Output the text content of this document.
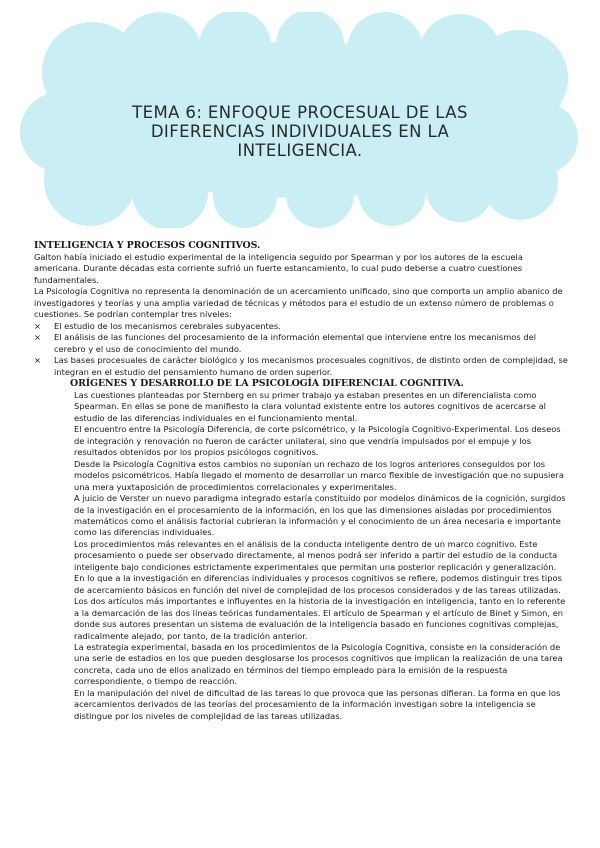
TEMA 6: ENFOQUE PROCESUAL DE LAS
DIFERENCIAS INDIVIDUALES EN LA
INTELIGENCIA.
INTELIGENCIA Y PROCESOS COGNITIVOS.

Galton había iniciado el estudio experimental de la inteligencia seguido por Spearman y por los autores de la escuela americana. Durante décadas esta corriente sufrió un fuerte estancamiento, lo cual pudo deberse a cuatro cuestiones fundamentales.

La Psicología Cognitiva no representa la denominación de un acercamiento unificado, sino que comporta un amplio abanico de investigadores y teorías y una amplia variedad de técnicas y métodos para el estudio de un extenso número de problemas o cuestiones. Se podrían contemplar tres niveles:

× El estudio de los mecanismos cerebrales subyacentes.
× El análisis de las funciones del procesamiento de la información elemental que interviene entre los mecanismos del cerebro y el uso de conocimiento del mundo.
× Las bases procesuales de carácter biológico y los mecanismos procesuales cognitivos, de distinto orden de complejidad, se integran en el estudio del pensamiento humano de orden superior.
ORÍGENES Y DESARROLLO DE LA PSICOLOGÍA DIFERENCIAL COGNITIVA.

Las cuestiones planteadas por Sternberg en su primer trabajo ya estaban presentes en un diferencialista como Spearman. En ellas se pone de manifiesto la clara voluntad existente entre los autores cognitivos de acercarse al estudio de las diferencias individuales en el funcionamiento mental.

El encuentro entre la Psicología Diferencia, de corte psicométrico, y la Psicología Cognitivo-Experimental. Los deseos de integración y renovación no fueron de carácter unilateral, sino que vendría impulsados por el empuje y los resultados obtenidos por los propios psicólogos cognitivos.

Desde la Psicología Cognitiva estos cambios no suponían un rechazo de los logros anteriores conseguidos por los modelos psicométricos. Había llegado el momento de desarrollar un marco flexible de investigación que no supusiera una mera yuxtaposición de procedimientos correlacionales y experimentales.

A juicio de Verster un nuevo paradigma integrado estaría constituido por modelos dinámicos de la cognición, surgidos de la investigación en el procesamiento de la información, en los que las dimensiones aisladas por procedimientos matemáticos como el análisis factorial cubrieran la información y el conocimiento de un área necesaria e importante como las diferencias individuales.

Los procedimientos más relevantes en el análisis de la conducta inteligente dentro de un marco cognitivo. Este procesamiento o puede ser observado directamente, al menos podrá ser inferido a partir del estudio de la conducta inteligente bajo condiciones estrictamente experimentales que permitan una posterior replicación y generalización.

En lo que a la investigación en diferencias individuales y procesos cognitivos se refiere, podemos distinguir tres tipos de acercamiento básicos en función del nivel de complejidad de los procesos considerados y de las tareas utilizadas.

Los dos artículos más importantes e influyentes en la historia de la investigación en inteligencia, tanto en lo referente a la demarcación de las dos líneas teóricas fundamentales. El artículo de Spearman y el artículo de Binet y Simon, en donde sus autores presentan un sistema de evaluación de la inteligencia basado en funciones cognitivas complejas, radicalmente alejado, por tanto, de la tradición anterior.

La estrategia experimental, basada en los procedimientos de la Psicología Cognitiva, consiste en la consideración de una serie de estadios en los que pueden desglosarse los procesos cognitivos que implican la realización de una tarea concreta, cada uno de ellos analizado en términos del tiempo empleado para la emisión de la respuesta correspondiente, o tiempo de reacción.

En la manipulación del nivel de dificultad de las tareas lo que provoca que las personas difieran. La forma en que los acercamientos derivados de las teorías del procesamiento de la información investigan sobre la inteligencia se distingue por los niveles de complejidad de las tareas utilizadas.
